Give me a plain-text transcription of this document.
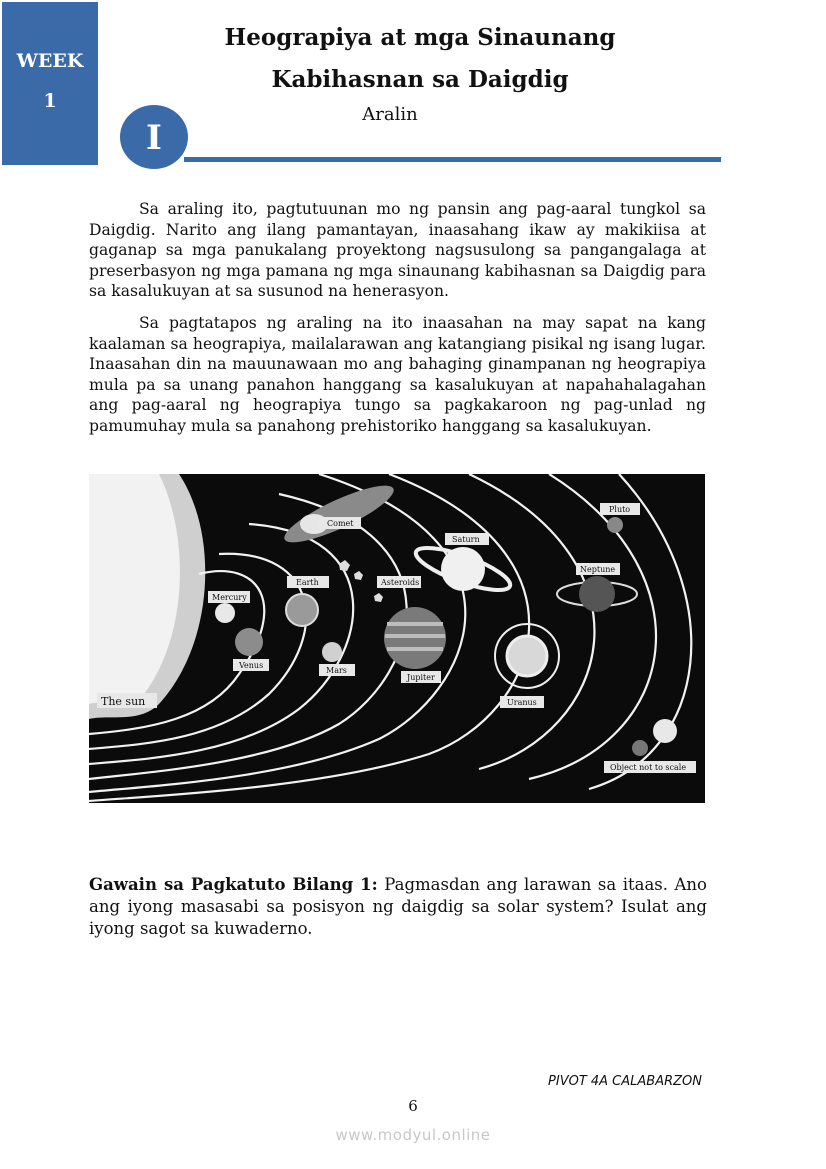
WEEK
1
Heograpiya at mga Sinaunang
Kabihasnan sa Daigdig
Aralin
I

Sa araling ito, pagtutuunan mo ng pansin ang pag-aaral tungkol sa Daigdig. Narito ang ilang pamantayan, inaasahang ikaw ay makikiisa at gaganap sa mga panukalang proyektong nagsusulong sa pangangalaga at preserbasyon ng mga pamana ng mga sinaunang kabihasnan sa Daigdig para sa kasalukuyan at sa susunod na henerasyon.

Sa pagtatapos ng araling na ito inaasahan na may sapat na kang kaalaman sa heograpiya, mailalarawan ang katangiang pisikal ng isang lugar. Inaasahan din na mauunawaan mo ang bahaging ginampanan ng heograpiya mula pa sa unang panahon hanggang sa kasalukuyan at napahahalagahan ang pag-aaral ng heograpiya tungo sa pagkakaroon ng pag-unlad ng pamumuhay mula sa panahong prehistoriko hanggang sa kasalukuyan.

The sun
Mercury
Venus
Earth
Mars
Comet
Asteroids
Jupiter
Saturn
Uranus
Neptune
Pluto
Object not to scale

Gawain sa Pagkatuto Bilang 1: Pagmasdan ang larawan sa itaas. Ano ang iyong masasabi sa posisyon ng daigdig sa solar system? Isulat ang iyong sagot sa kuwaderno.

PIVOT 4A CALABARZON
6
www.modyul.online
